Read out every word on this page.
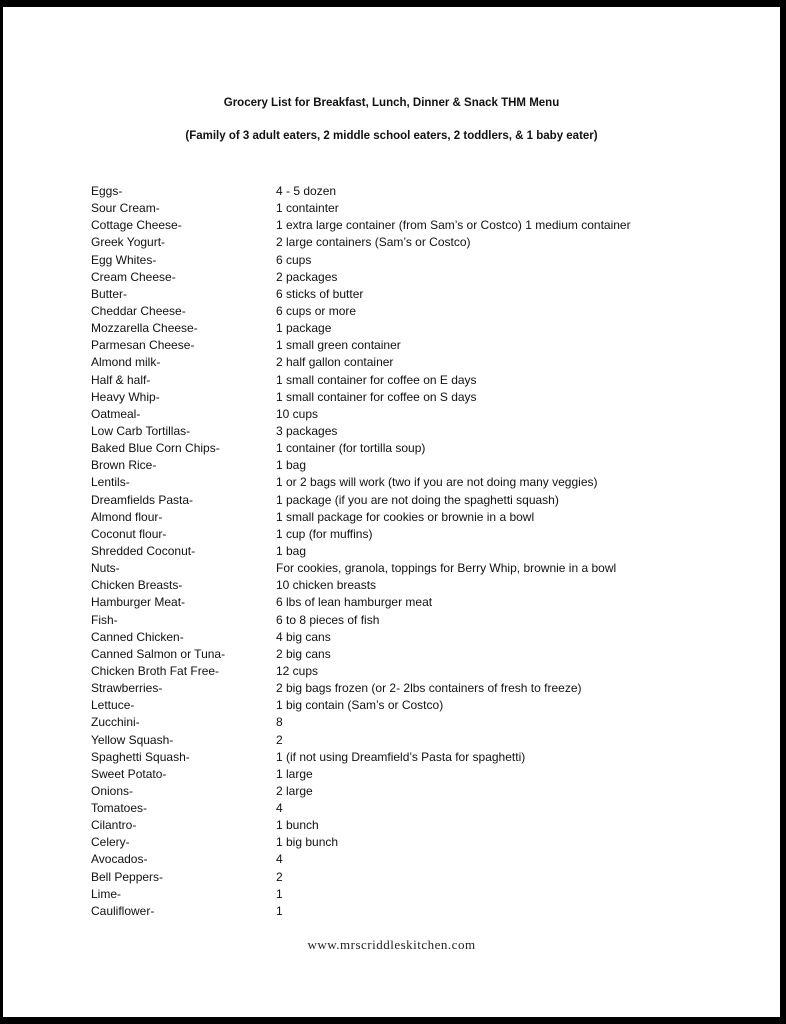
Grocery List for Breakfast, Lunch, Dinner & Snack THM Menu
(Family of 3 adult eaters, 2 middle school eaters, 2 toddlers, & 1 baby eater)
Eggs-	4 - 5 dozen
Sour Cream-	1 containter
Cottage Cheese-	1 extra large container (from Sam’s or Costco) 1 medium container
Greek Yogurt-	2 large containers (Sam’s or Costco)
Egg Whites-	6 cups
Cream Cheese-	2 packages
Butter-	6 sticks of butter
Cheddar Cheese-	6 cups or more
Mozzarella Cheese-	1 package
Parmesan Cheese-	1 small green container
Almond milk-	2 half gallon container
Half & half-	1 small container for coffee on E days
Heavy Whip-	1 small container for coffee on S days
Oatmeal-	10 cups
Low Carb Tortillas-	3 packages
Baked Blue Corn Chips-	1 container (for tortilla soup)
Brown Rice-	1 bag
Lentils-	1 or 2 bags will work (two if you are not doing many veggies)
Dreamfields Pasta-	1 package (if you are not doing the spaghetti squash)
Almond flour-	1 small package for cookies or brownie in a bowl
Coconut flour-	1 cup (for muffins)
Shredded Coconut-	1 bag
Nuts-	For cookies, granola, toppings for Berry Whip, brownie in a bowl
Chicken Breasts-	10 chicken breasts
Hamburger Meat-	6 lbs of lean hamburger meat
Fish-	6 to 8 pieces of fish
Canned Chicken-	4 big cans
Canned Salmon or Tuna-	2 big cans
Chicken Broth Fat Free-	12 cups
Strawberries-	2 big bags frozen (or 2- 2lbs containers of fresh to freeze)
Lettuce-	1 big contain (Sam’s or Costco)
Zucchini-	8
Yellow Squash-	2
Spaghetti Squash-	1 (if not using Dreamfield’s Pasta for spaghetti)
Sweet Potato-	1 large
Onions-	2 large
Tomatoes-	4
Cilantro-	1 bunch
Celery-	1 big bunch
Avocados-	4
Bell Peppers-	2
Lime-	1
Cauliflower-	1
www.mrscriddleskitchen.com
